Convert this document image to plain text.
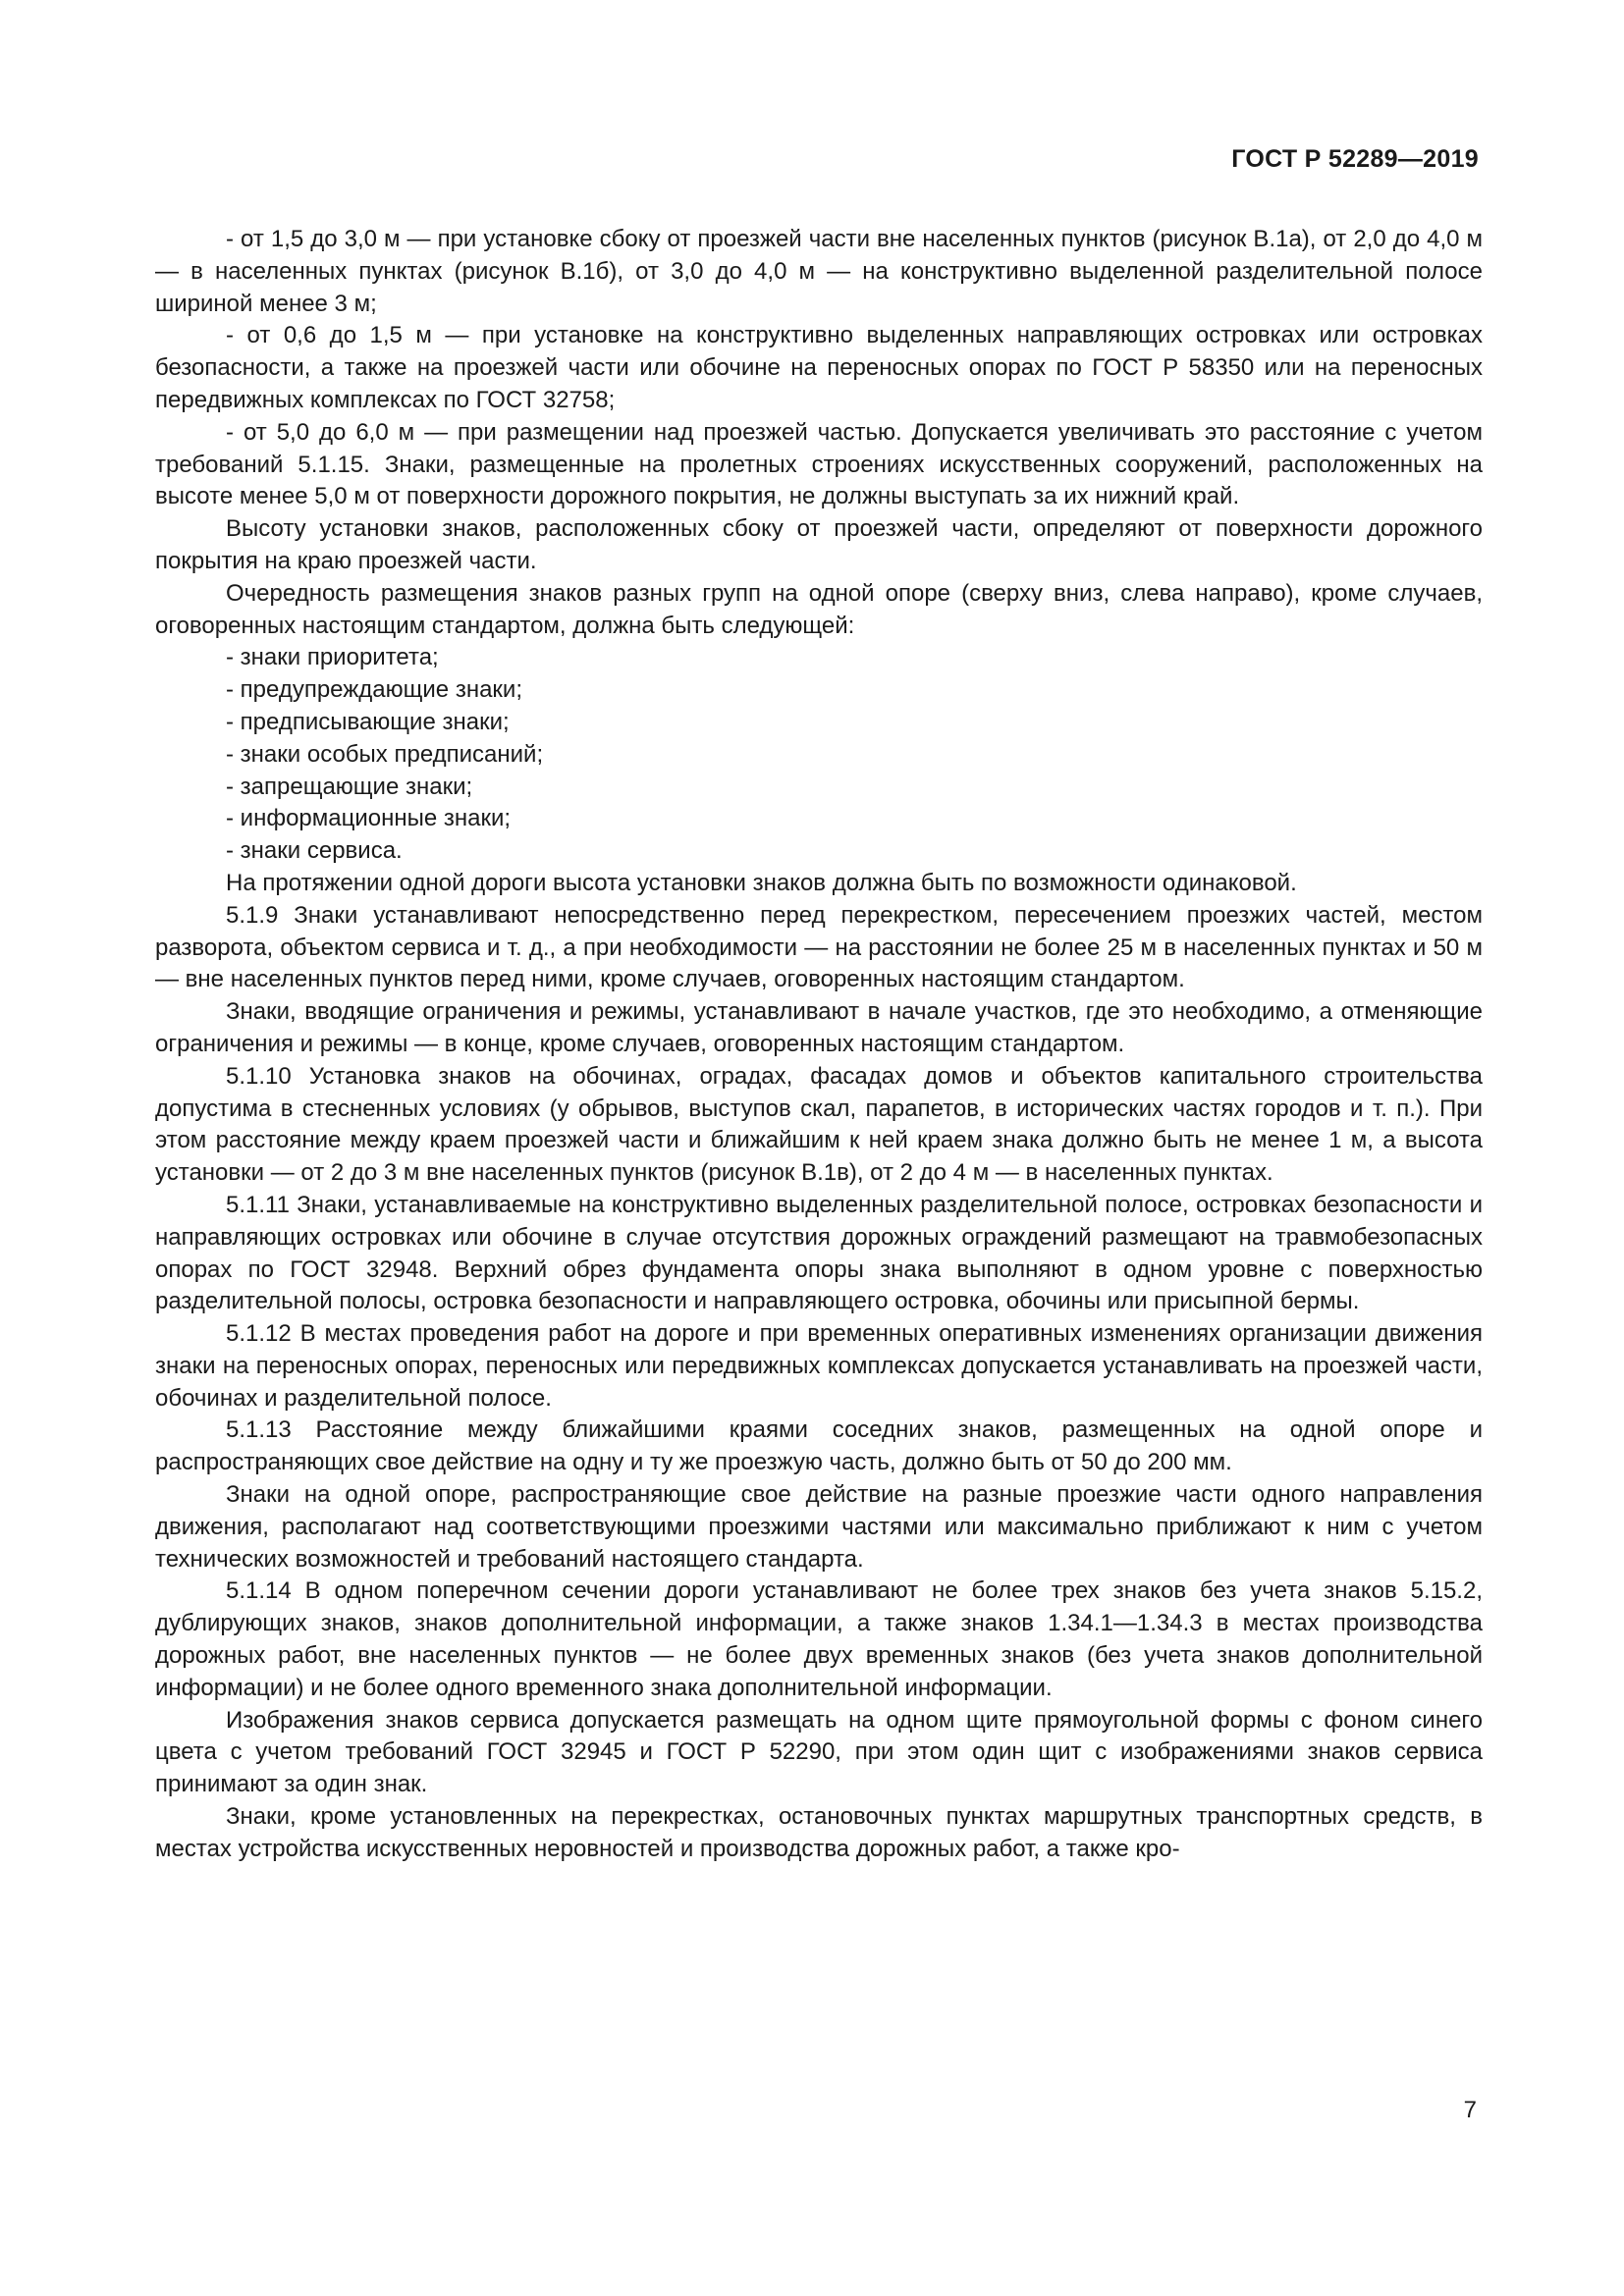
ГОСТ Р 52289—2019

- от 1,5 до 3,0 м — при установке сбоку от проезжей части вне населенных пунктов (рисунок В.1а), от 2,0 до 4,0 м — в населенных пунктах (рисунок В.1б), от 3,0 до 4,0 м — на конструктивно выделенной разделительной полосе шириной менее 3 м;

- от 0,6 до 1,5 м — при установке на конструктивно выделенных направляющих островках или островках безопасности, а также на проезжей части или обочине на переносных опорах по ГОСТ Р 58350 или на переносных передвижных комплексах по ГОСТ 32758;

- от 5,0 до 6,0 м — при размещении над проезжей частью. Допускается увеличивать это расстояние с учетом требований 5.1.15. Знаки, размещенные на пролетных строениях искусственных сооружений, расположенных на высоте менее 5,0 м от поверхности дорожного покрытия, не должны выступать за их нижний край.

Высоту установки знаков, расположенных сбоку от проезжей части, определяют от поверхности дорожного покрытия на краю проезжей части.

Очередность размещения знаков разных групп на одной опоре (сверху вниз, слева направо), кроме случаев, оговоренных настоящим стандартом, должна быть следующей:

- знаки приоритета;

- предупреждающие знаки;

- предписывающие знаки;

- знаки особых предписаний;

- запрещающие знаки;

- информационные знаки;

- знаки сервиса.

На протяжении одной дороги высота установки знаков должна быть по возможности одинаковой.

5.1.9 Знаки устанавливают непосредственно перед перекрестком, пересечением проезжих частей, местом разворота, объектом сервиса и т. д., а при необходимости — на расстоянии не более 25 м в населенных пунктах и 50 м — вне населенных пунктов перед ними, кроме случаев, оговоренных настоящим стандартом.

Знаки, вводящие ограничения и режимы, устанавливают в начале участков, где это необходимо, а отменяющие ограничения и режимы — в конце, кроме случаев, оговоренных настоящим стандартом.

5.1.10 Установка знаков на обочинах, оградах, фасадах домов и объектов капитального строительства допустима в стесненных условиях (у обрывов, выступов скал, парапетов, в исторических частях городов и т. п.). При этом расстояние между краем проезжей части и ближайшим к ней краем знака должно быть не менее 1 м, а высота установки — от 2 до 3 м вне населенных пунктов (рисунок В.1в), от 2 до 4 м — в населенных пунктах.

5.1.11 Знаки, устанавливаемые на конструктивно выделенных разделительной полосе, островках безопасности и направляющих островках или обочине в случае отсутствия дорожных ограждений размещают на травмобезопасных опорах по ГОСТ 32948. Верхний обрез фундамента опоры знака выполняют в одном уровне с поверхностью разделительной полосы, островка безопасности и направляющего островка, обочины или присыпной бермы.

5.1.12 В местах проведения работ на дороге и при временных оперативных изменениях организации движения знаки на переносных опорах, переносных или передвижных комплексах допускается устанавливать на проезжей части, обочинах и разделительной полосе.

5.1.13 Расстояние между ближайшими краями соседних знаков, размещенных на одной опоре и распространяющих свое действие на одну и ту же проезжую часть, должно быть от 50 до 200 мм.

Знаки на одной опоре, распространяющие свое действие на разные проезжие части одного направления движения, располагают над соответствующими проезжими частями или максимально приближают к ним с учетом технических возможностей и требований настоящего стандарта.

5.1.14 В одном поперечном сечении дороги устанавливают не более трех знаков без учета знаков 5.15.2, дублирующих знаков, знаков дополнительной информации, а также знаков 1.34.1—1.34.3 в местах производства дорожных работ, вне населенных пунктов — не более двух временных знаков (без учета знаков дополнительной информации) и не более одного временного знака дополнительной информации.

Изображения знаков сервиса допускается размещать на одном щите прямоугольной формы с фоном синего цвета с учетом требований ГОСТ 32945 и ГОСТ Р 52290, при этом один щит с изображениями знаков сервиса принимают за один знак.

Знаки, кроме установленных на перекрестках, остановочных пунктах маршрутных транспортных средств, в местах устройства искусственных неровностей и производства дорожных работ, а также кро-

7
